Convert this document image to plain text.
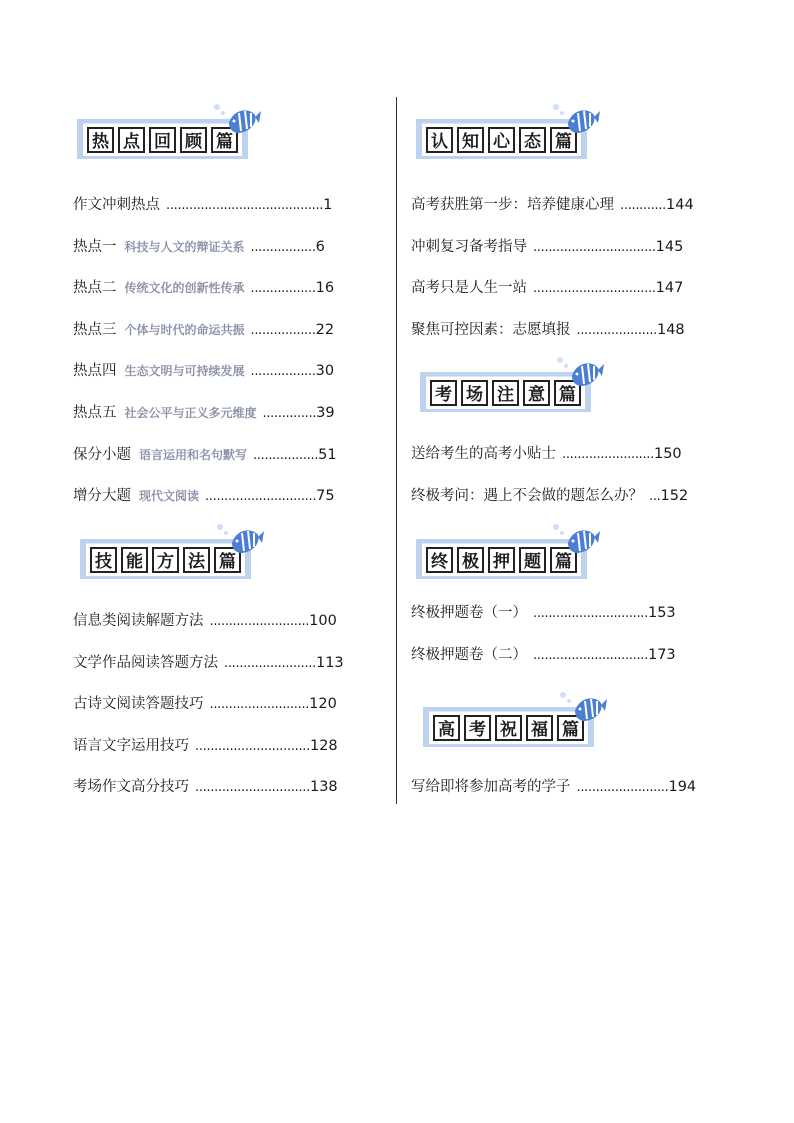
热 点 回 顾 篇
技 能 方 法 篇
认 知 心 态 篇
考 场 注 意 篇
终 极 押 题 篇
高 考 祝 福 篇
作文冲刺热点 ......................................... 1
热点一 科技与人文的辩证关系 ................. 6
热点二 传统文化的创新性传承 ................. 16
热点三 个体与时代的命运共振 ................. 22
热点四 生态文明与可持续发展 ................. 30
热点五 社会公平与正义多元维度 .............. 39
保分小题 语言运用和名句默写 ................. 51
增分大题 现代文阅读 ............................. 75
信息类阅读解题方法 .......................... 100
文学作品阅读答题方法 ........................ 113
古诗文阅读答题技巧 .......................... 120
语言文字运用技巧 .............................. 128
考场作文高分技巧 .............................. 138
高考获胜第一步：培养健康心理 ............ 144
冲刺复习备考指导 ................................ 145
高考只是人生一站 ................................ 147
聚焦可控因素：志愿填报 ..................... 148
送给考生的高考小贴士 ........................ 150
终极考问：遇上不会做的题怎么办？ ... 152
终极押题卷（一） .............................. 153
终极押题卷（二） .............................. 173
写给即将参加高考的学子 ........................ 194
